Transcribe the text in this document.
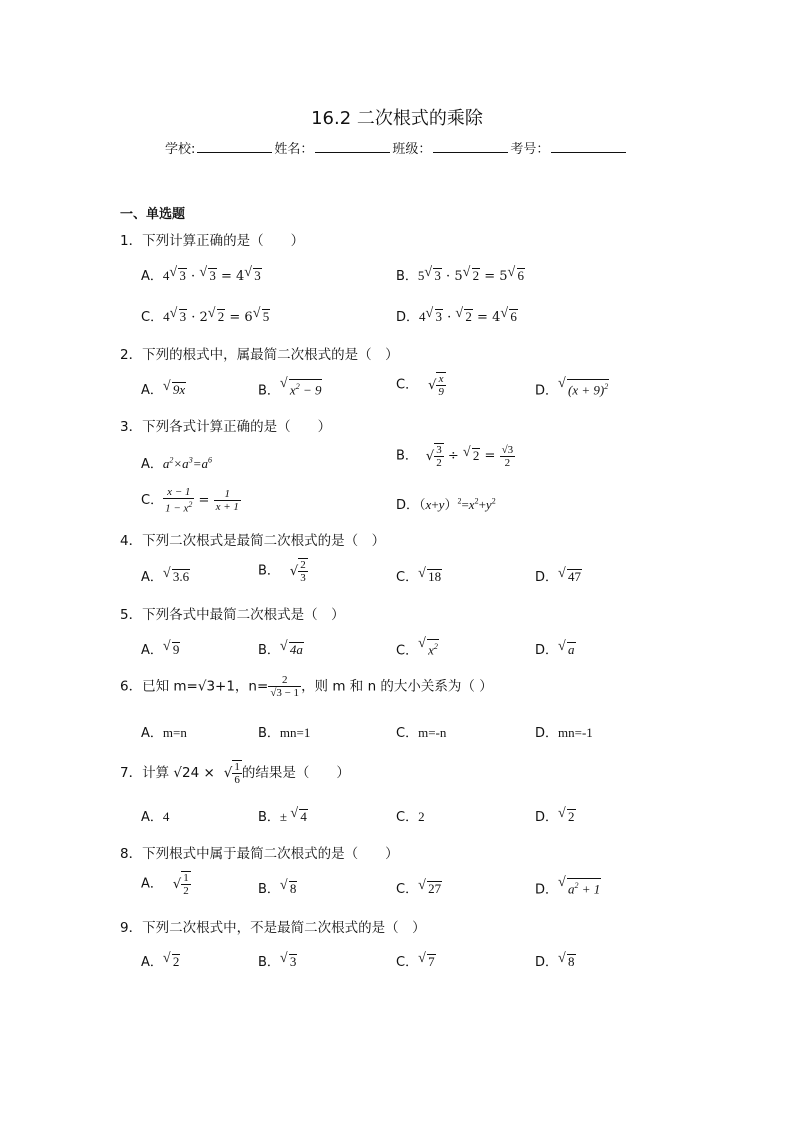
16.2 二次根式的乘除
学校:	姓名：	班级：	考号：
一、单选题
1．下列计算正确的是（　　）
A．4 √ 3 · √ 3 = 4 √ 3	B．5 √ 3 · 5 √ 2 = 5 √ 6
C．4 √ 3 · 2 √ 2 = 6 √ 5	D．4 √ 3 · √ 2 = 4 √ 6
2．下列的根式中，属最简二次根式的是（　）
A． √ 9x	B． √ $x^2 - 9$	C． √ $\frac{x}{9}$	D． √ $(x + 9)^2$
3．下列各式计算正确的是（　　）
A．$a^2\times a^3=a^6$	B． √ $\frac{3}{2}$ ÷ √ $2 = \frac{√3}{2}$
C． $\frac{x - 1}{1 - x^2} = \frac{1}{x + 1}$	D．$(x+y)^2=x^2+y^2$
4．下列二次根式是最简二次根式的是（　）
A． √ 3.6	B． √ $\frac{2}{3}$	C． √ 18	D． √ 47
5．下列各式中最简二次根式是（　）
A． √ 9	B． √ 4a	C． √ $x^2$	D． √ a
6．已知 m=√3+1，$n= \frac{2}{√3 - 1}$ ，则 m 和 n 的大小关系为（ ）
A．m=n	B．mn=1	C．m=-n	D．mn=-1
7．计算 √24 × √ $\frac{1}{6}$ 的结果是（　　）
A．4	B．± √ 4	C．2	D． √ 2
8．下列根式中属于最简二次根式的是（　　）
A． √ $\frac{1}{2}$	B． √ 8	C． √ 27	D． √ $a^2 + 1$
9．下列二次根式中，不是最简二次根式的是（　）
A． √ 2	B． √ 3	C． √ 7	D． √ 8
